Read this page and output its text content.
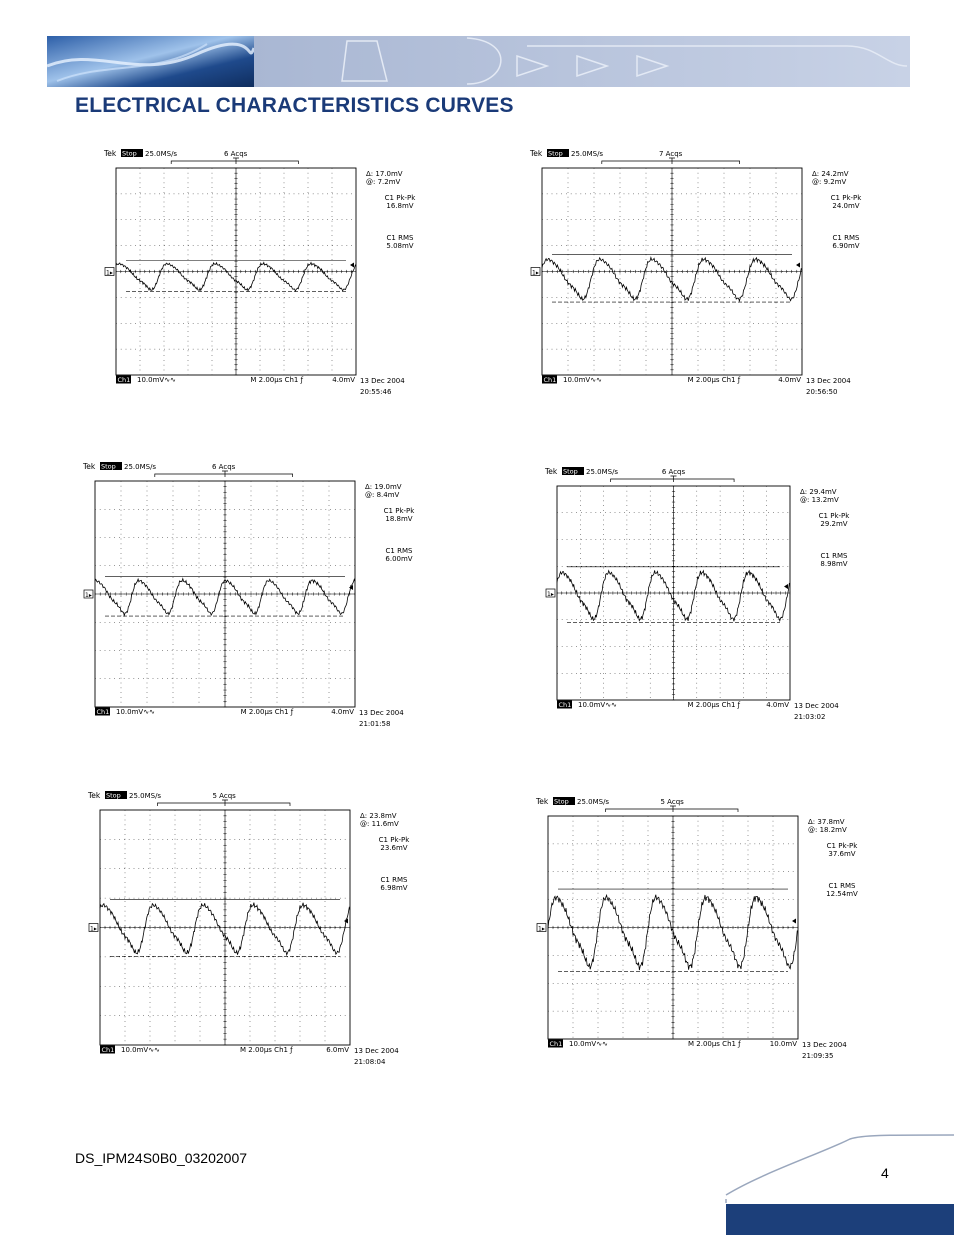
ELECTRICAL CHARACTERISTICS CURVES
Tek Stop 25.0MS/s	6 Acqs
1▸
Δ: 17.0mV
@: 7.2mV
C1 Pk-Pk
16.8mV
C1 RMS
5.08mV
Ch1 10.0mV∿∿	M 2.00µs Ch1 ƒ	4.0mV 13 Dec 2004
20:55:46
Tek Stop 25.0MS/s	7 Acqs
1▸
Δ: 24.2mV
@: 9.2mV
C1 Pk-Pk
24.0mV
C1 RMS
6.90mV
Ch1 10.0mV∿∿	M 2.00µs Ch1 ƒ	4.0mV 13 Dec 2004
20:56:50
Tek Stop 25.0MS/s	6 Acqs
1▸
Δ: 19.0mV
@: 8.4mV
C1 Pk-Pk
18.8mV
C1 RMS
6.00mV
Ch1 10.0mV∿∿	M 2.00µs Ch1 ƒ	4.0mV 13 Dec 2004
21:01:58
Tek Stop 25.0MS/s	6 Acqs
1▸
Δ: 29.4mV
@: 13.2mV
C1 Pk-Pk
29.2mV
C1 RMS
8.98mV
Ch1 10.0mV∿∿	M 2.00µs Ch1 ƒ	4.0mV 13 Dec 2004
21:03:02
Tek Stop 25.0MS/s	5 Acqs
1▸
Δ: 23.8mV
@: 11.6mV
C1 Pk-Pk
23.6mV
C1 RMS
6.98mV
Ch1 10.0mV∿∿	M 2.00µs Ch1 ƒ	6.0mV 13 Dec 2004
21:08:04
Tek Stop 25.0MS/s	5 Acqs
1▸
Δ: 37.8mV
@: 18.2mV
C1 Pk-Pk
37.6mV
C1 RMS
12.54mV
Ch1 10.0mV∿∿	M 2.00µs Ch1 ƒ	10.0mV 13 Dec 2004
21:09:35
DS_IPM24S0B0_03202007
4
